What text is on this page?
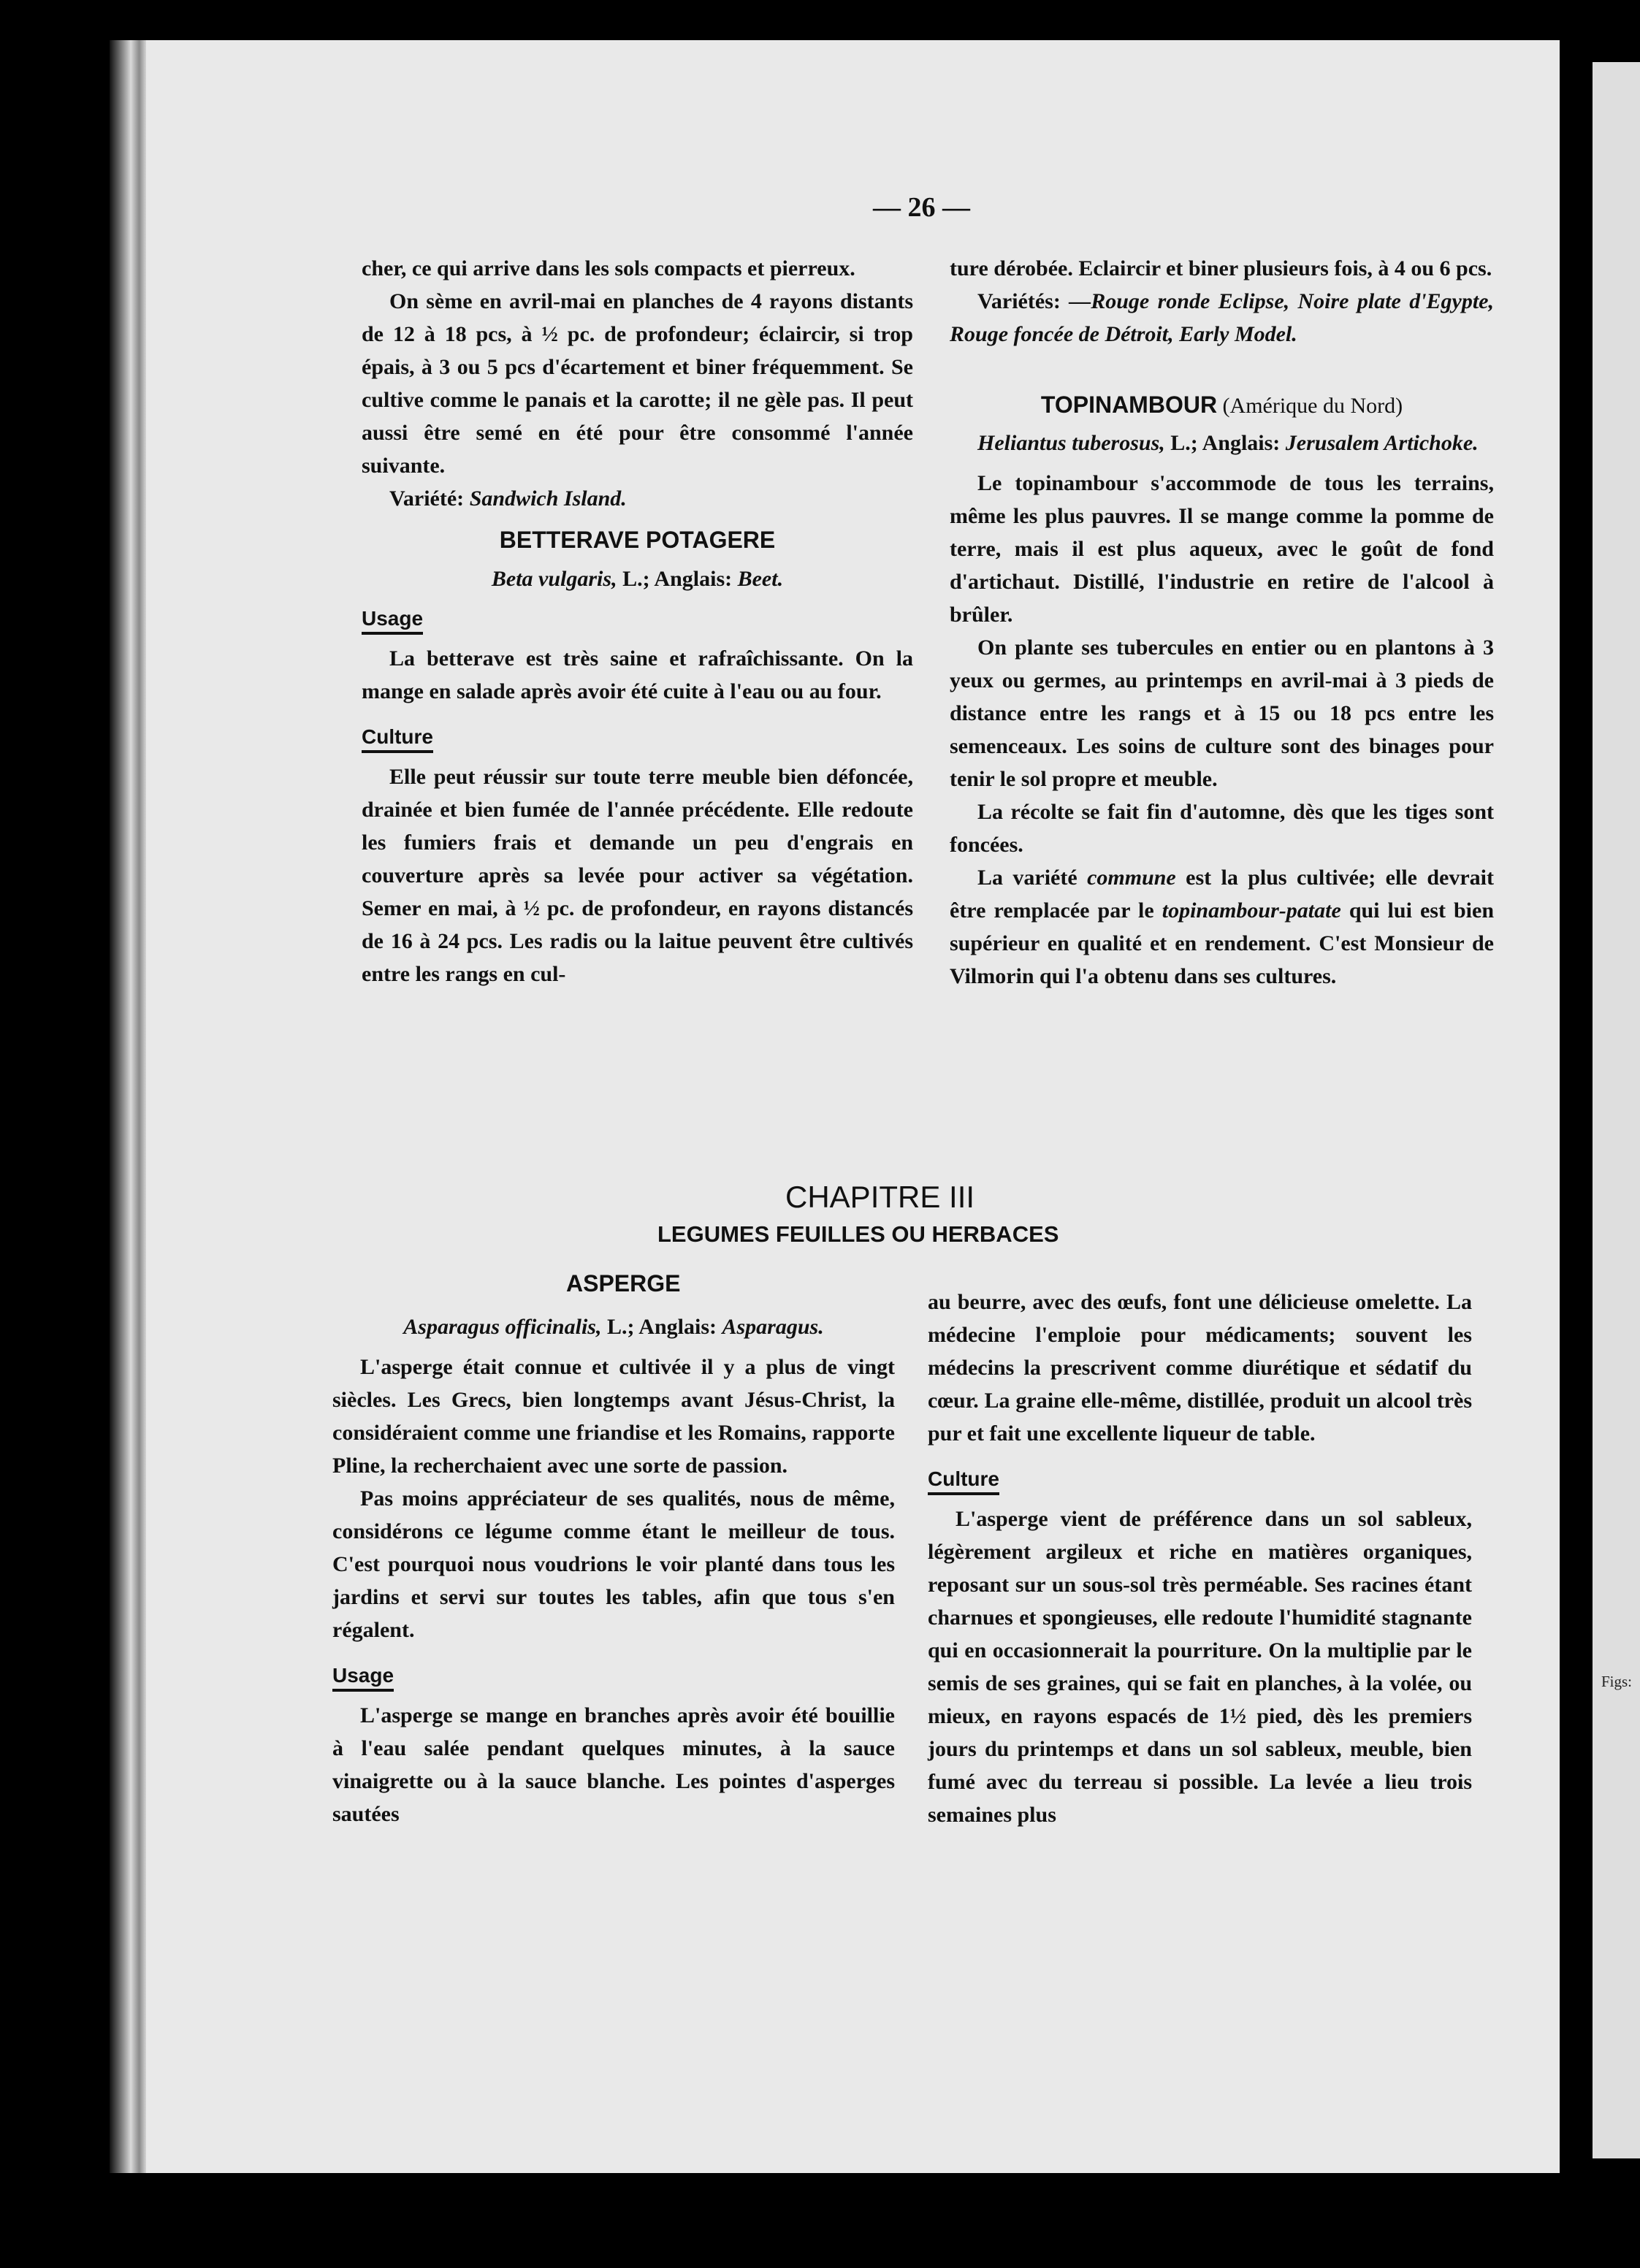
Figs:
— 26 —

cher, ce qui arrive dans les sols compacts et pierreux.

On sème en avril-mai en planches de 4 rayons distants de 12 à 18 pcs, à ½ pc. de profondeur; éclaircir, si trop épais, à 3 ou 5 pcs d'écartement et biner fréquemment. Se cultive comme le panais et la carotte; il ne gèle pas. Il peut aussi être semé en été pour être consommé l'année suivante.

Variété: Sandwich Island.

BETTERAVE POTAGERE

Beta vulgaris, L.; Anglais: Beet.

Usage

La betterave est très saine et rafraîchissante. On la mange en salade après avoir été cuite à l'eau ou au four.

Culture

Elle peut réussir sur toute terre meuble bien défoncée, drainée et bien fumée de l'année précédente. Elle redoute les fumiers frais et demande un peu d'engrais en couverture après sa levée pour activer sa végétation. Semer en mai, à ½ pc. de profondeur, en rayons distancés de 16 à 24 pcs. Les radis ou la laitue peuvent être cultivés entre les rangs en cul-

ture dérobée. Eclaircir et biner plusieurs fois, à 4 ou 6 pcs.

Variétés: —Rouge ronde Eclipse, Noire plate d'Egypte, Rouge foncée de Détroit, Early Model.

TOPINAMBOUR (Amérique du Nord)

Heliantus tuberosus, L.; Anglais: Jerusalem Artichoke.

Le topinambour s'accommode de tous les terrains, même les plus pauvres. Il se mange comme la pomme de terre, mais il est plus aqueux, avec le goût de fond d'artichaut. Distillé, l'industrie en retire de l'alcool à brûler.

On plante ses tubercules en entier ou en plantons à 3 yeux ou germes, au printemps en avril-mai à 3 pieds de distance entre les rangs et à 15 ou 18 pcs entre les semenceaux. Les soins de culture sont des binages pour tenir le sol propre et meuble.

La récolte se fait fin d'automne, dès que les tiges sont foncées.

La variété commune est la plus cultivée; elle devrait être remplacée par le topinambour-patate qui lui est bien supérieur en qualité et en rendement. C'est Monsieur de Vilmorin qui l'a obtenu dans ses cultures.

CHAPITRE III
LEGUMES FEUILLES OU HERBACES

ASPERGE

Asparagus officinalis, L.; Anglais: Asparagus.

L'asperge était connue et cultivée il y a plus de vingt siècles. Les Grecs, bien longtemps avant Jésus-Christ, la considéraient comme une friandise et les Romains, rapporte Pline, la recherchaient avec une sorte de passion.

Pas moins appréciateur de ses qualités, nous de même, considérons ce légume comme étant le meilleur de tous. C'est pourquoi nous voudrions le voir planté dans tous les jardins et servi sur toutes les tables, afin que tous s'en régalent.

Usage

L'asperge se mange en branches après avoir été bouillie à l'eau salée pendant quelques minutes, à la sauce vinaigrette ou à la sauce blanche. Les pointes d'asperges sautées

au beurre, avec des œufs, font une délicieuse omelette. La médecine l'emploie pour médicaments; souvent les médecins la prescrivent comme diurétique et sédatif du cœur. La graine elle-même, distillée, produit un alcool très pur et fait une excellente liqueur de table.

Culture

L'asperge vient de préférence dans un sol sableux, légèrement argileux et riche en matières organiques, reposant sur un sous-sol très perméable. Ses racines étant charnues et spongieuses, elle redoute l'humidité stagnante qui en occasionnerait la pourriture. On la multiplie par le semis de ses graines, qui se fait en planches, à la volée, ou mieux, en rayons espacés de 1½ pied, dès les premiers jours du printemps et dans un sol sableux, meuble, bien fumé avec du terreau si possible. La levée a lieu trois semaines plus
